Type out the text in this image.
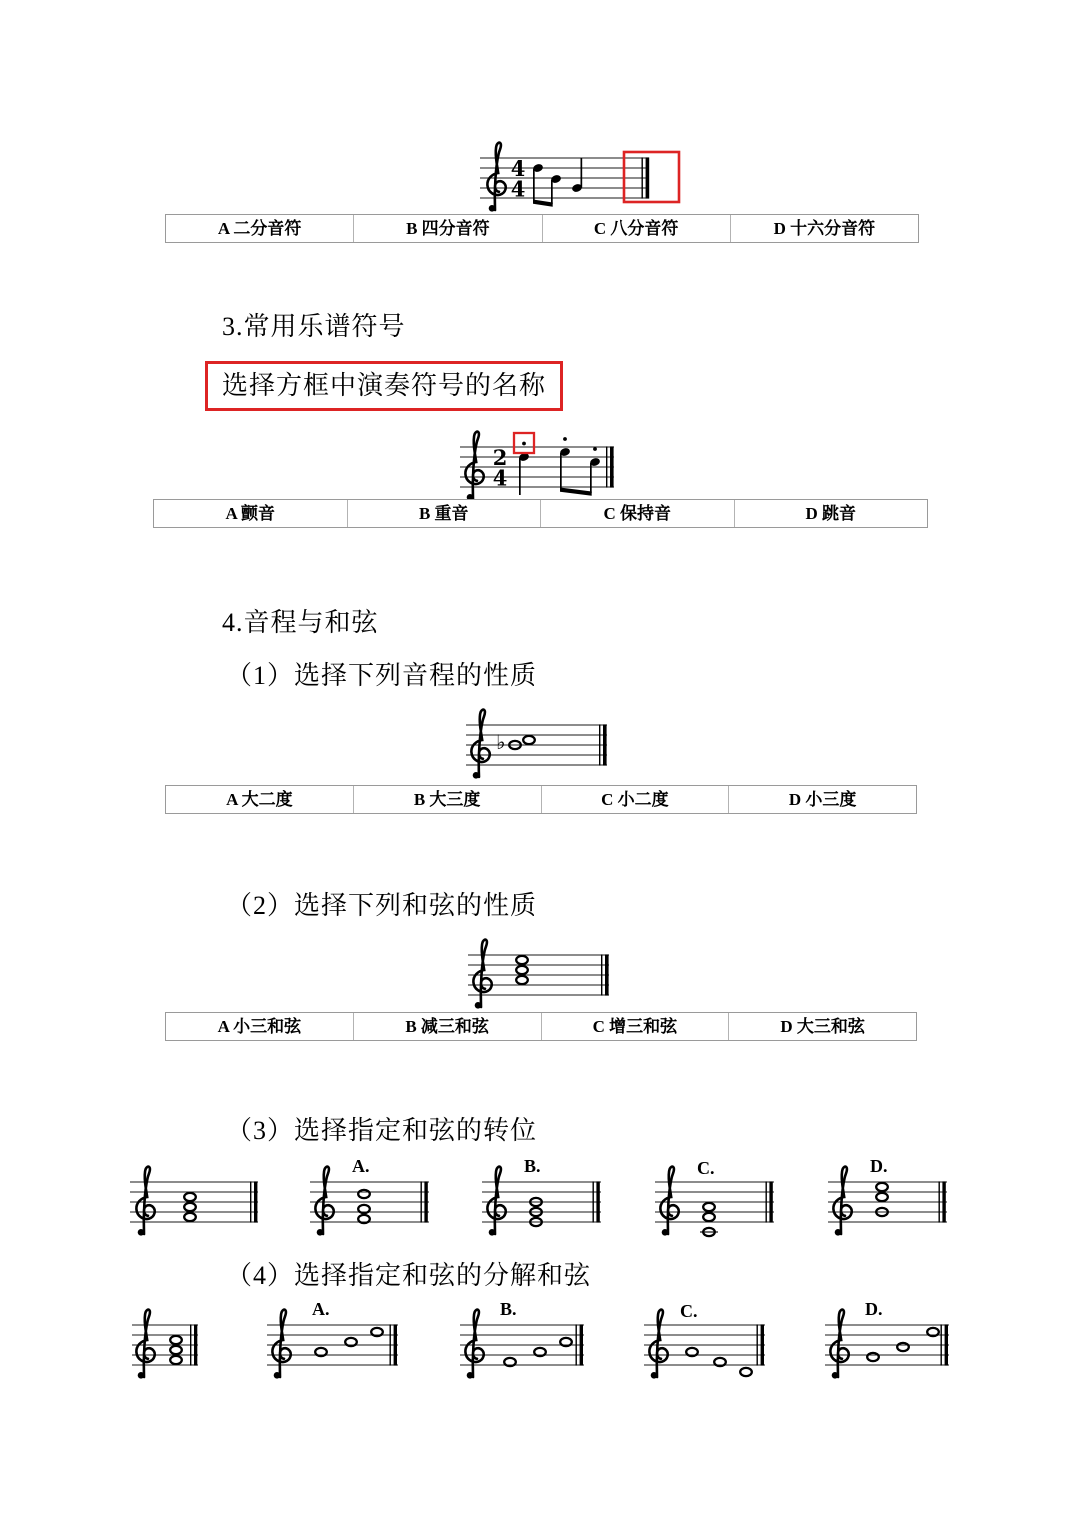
4
4
A 二分音符	B 四分音符	C 八分音符	D 十六分音符
3.常用乐谱符号
选择方框中演奏符号的名称
2
4
A 颤音	B 重音	C 保持音	D 跳音
4.音程与和弦
（1）选择下列音程的性质
♭
A 大二度	B 大三度	C 小二度	D 小三度
（2）选择下列和弦的性质
A 小三和弦	B 减三和弦	C 增三和弦	D 大三和弦
（3）选择指定和弦的转位
A.	B.	C.	D.
（4）选择指定和弦的分解和弦
A.	B.	C.	D.
